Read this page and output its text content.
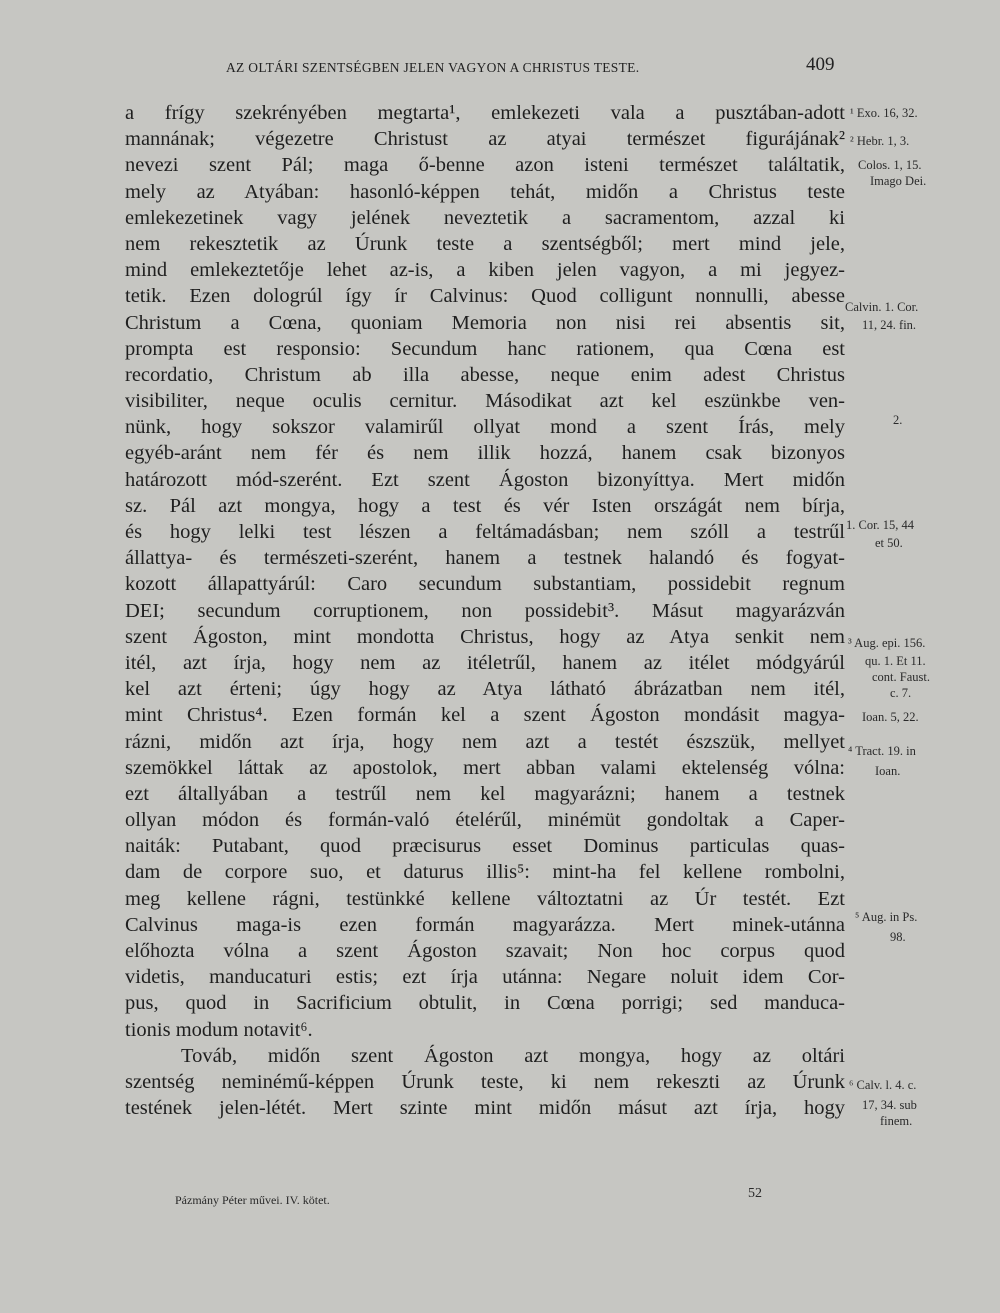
AZ OLTÁRI SZENTSÉGBEN JELEN VAGYON A CHRISTUS TESTE.	409
a frígy szekrényében megtarta¹, emlekezeti vala a pusztában-adott
mannának; végezetre Christust az atyai természet figurájának²
nevezi szent Pál; maga ő-benne azon isteni természet találtatik,
mely az Atyában: hasonló-képpen tehát, midőn a Christus teste
emlekezetinek vagy jelének neveztetik a sacramentom, azzal ki
nem rekesztetik az Úrunk teste a szentségből; mert mind jele,
mind emlekeztetője lehet az-is, a kiben jelen vagyon, a mi jegyez-
tetik. Ezen dologrúl így ír Calvinus: Quod colligunt nonnulli, abesse
Christum a Cœna, quoniam Memoria non nisi rei absentis sit,
prompta est responsio: Secundum hanc rationem, qua Cœna est
recordatio, Christum ab illa abesse, neque enim adest Christus
visibiliter, neque oculis cernitur. Másodikat azt kel eszünkbe ven-
nünk, hogy sokszor valamirűl ollyat mond a szent Írás, mely
egyéb-aránt nem fér és nem illik hozzá, hanem csak bizonyos
határozott mód-szerént. Ezt szent Ágoston bizonyíttya. Mert midőn
sz. Pál azt mongya, hogy a test és vér Isten országát nem bírja,
és hogy lelki test lészen a feltámadásban; nem szóll a testrűl
állattya- és természeti-szerént, hanem a testnek halandó és fogyat-
kozott állapattyárúl: Caro secundum substantiam, possidebit regnum
DEI; secundum corruptionem, non possidebit³. Másut magyarázván
szent Ágoston, mint mondotta Christus, hogy az Atya senkit nem
itél, azt írja, hogy nem az itéletrűl, hanem az itélet módgyárúl
kel azt érteni; úgy hogy az Atya látható ábrázatban nem itél,
mint Christus⁴. Ezen formán kel a szent Ágoston mondásit magya-
rázni, midőn azt írja, hogy nem azt a testét észszük, mellyet
szemökkel láttak az apostolok, mert abban valami ektelenség vólna:
ezt általlyában a testrűl nem kel magyarázni; hanem a testnek
ollyan módon és formán-való ételérűl, minémüt gondoltak a Caper-
naiták: Putabant, quod præcisurus esset Dominus particulas quas-
dam de corpore suo, et daturus illis⁵: mint-ha fel kellene rombolni,
meg kellene rágni, testünkké kellene változtatni az Úr testét. Ezt
Calvinus maga-is ezen formán magyarázza. Mert minek-utánna
előhozta vólna a szent Ágoston szavait; Non hoc corpus quod
videtis, manducaturi estis; ezt írja utánna: Negare noluit idem Cor-
pus, quod in Sacrificium obtulit, in Cœna porrigi; sed manduca-
tionis modum notavit⁶.
Továb, midőn szent Ágoston azt mongya, hogy az oltári
szentség neminémű-képpen Úrunk teste, ki nem rekeszti az Úrunk
testének jelen-létét. Mert szinte mint midőn másut azt írja, hogy
¹ Exo. 16, 32.
² Hebr. 1, 3.
Colos. 1, 15.
Imago Dei.
Calvin. 1. Cor.
11, 24. fin.
2.
1. Cor. 15, 44
et 50.
³ Aug. epi. 156.
qu. 1. Et 11.
cont. Faust.
c. 7.
Ioan. 5, 22.
⁴ Tract. 19. in
Ioan.
⁵ Aug. in Ps.
98.
⁶ Calv. l. 4. c.
17, 34. sub
finem.
Pázmány Péter művei. IV. kötet.	52
